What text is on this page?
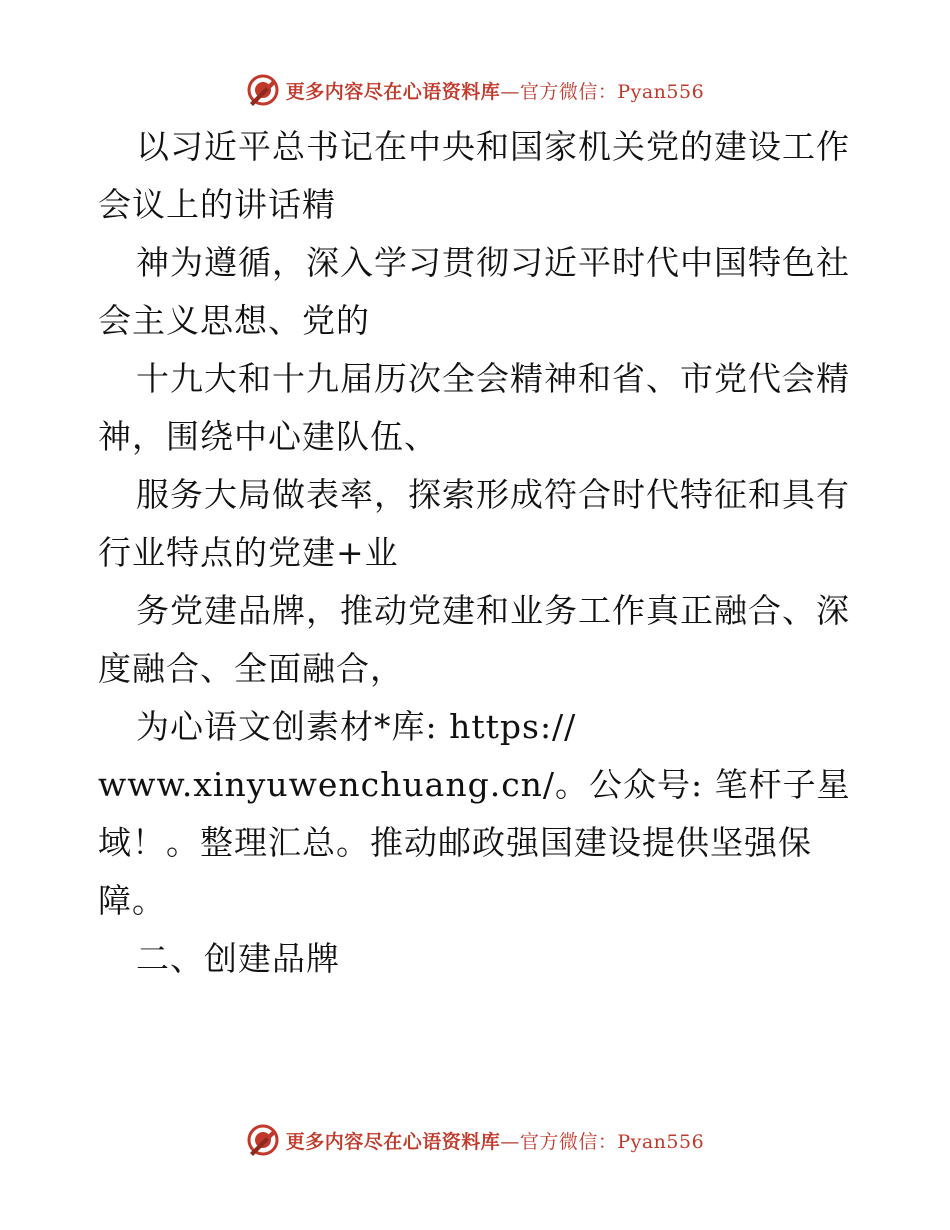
更多内容尽在心语资料库—官方微信：Pyan556

以习近平总书记在中央和国家机关党的建设工作

会议上的讲话精

神为遵循，深入学习贯彻习近平时代中国特色社

会主义思想、党的

十九大和十九届历次全会精神和省、市党代会精

神，围绕中心建队伍、

服务大局做表率，探索形成符合时代特征和具有

行业特点的党建+业

务党建品牌，推动党建和业务工作真正融合、深

度融合、全面融合，

为心语文创素材*库: https://

www.xinyuwenchuang.cn/。公众号: 笔杆子星

域！。整理汇总。推动邮政强国建设提供坚强保

障。

二、创建品牌

更多内容尽在心语资料库—官方微信：Pyan556
